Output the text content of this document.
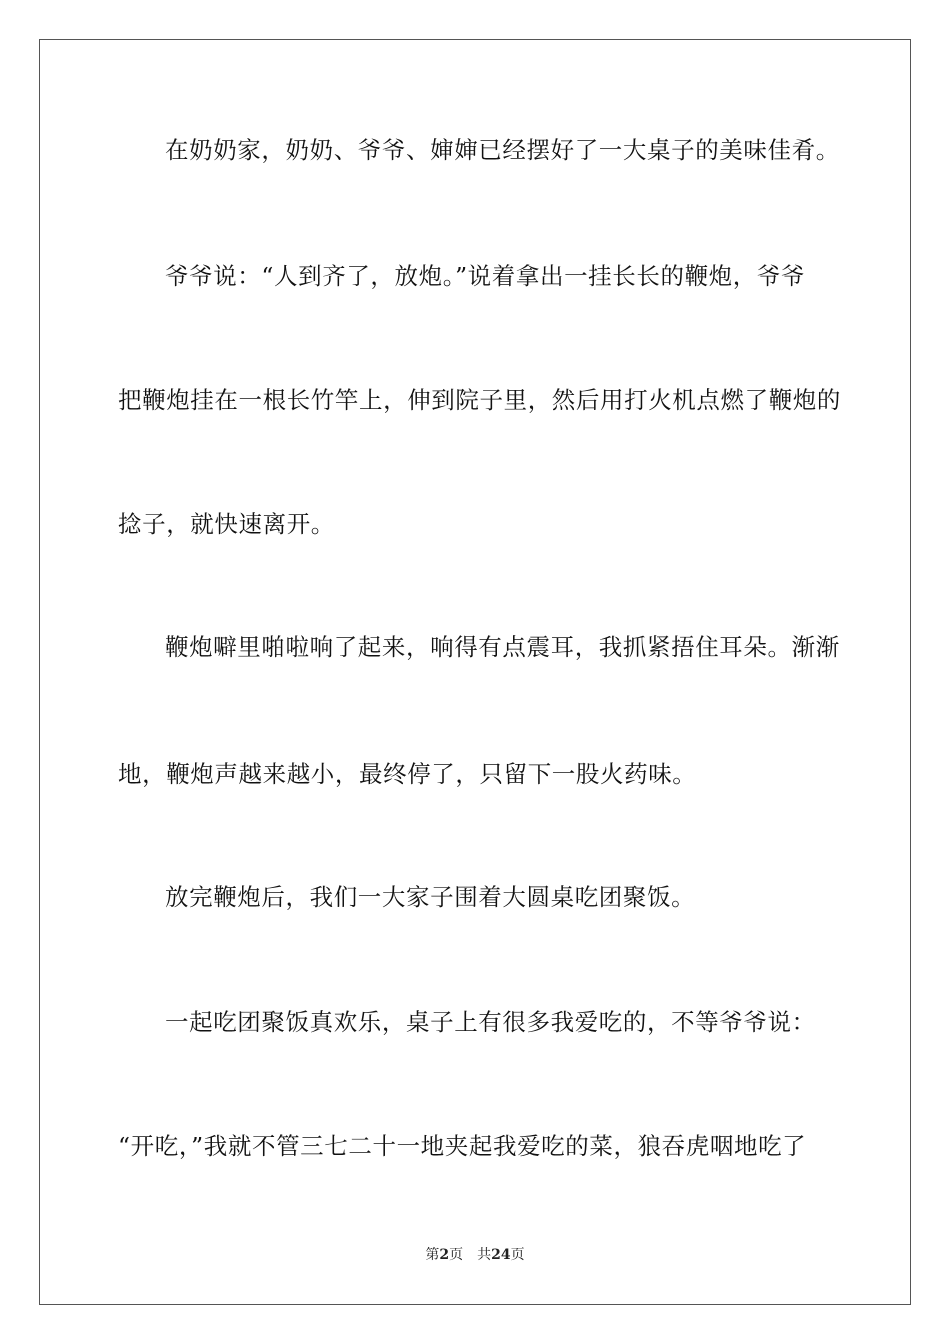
在奶奶家，奶奶、爷爷、婶婶已经摆好了一大桌子的美味佳肴。
爷爷说：“人到齐了，放炮。”说着拿出一挂长长的鞭炮，爷爷
把鞭炮挂在一根长竹竿上，伸到院子里，然后用打火机点燃了鞭炮的
捻子，就快速离开。
鞭炮噼里啪啦响了起来，响得有点震耳，我抓紧捂住耳朵。渐渐
地，鞭炮声越来越小，最终停了，只留下一股火药味。
放完鞭炮后，我们一大家子围着大圆桌吃团聚饭。
一起吃团聚饭真欢乐，桌子上有很多我爱吃的，不等爷爷说：
“开吃，”我就不管三七二十一地夹起我爱吃的菜，狼吞虎咽地吃了
第2页 共24页
